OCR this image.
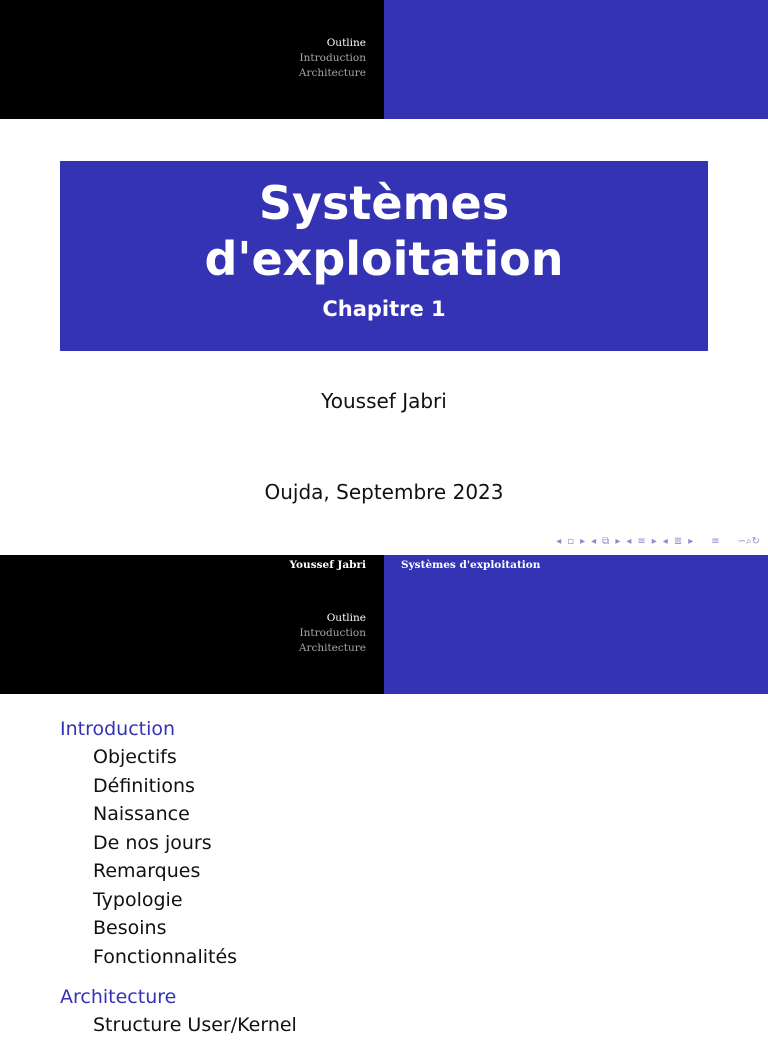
Outline
Introduction
Architecture
Systèmes
d'exploitation
Chapitre 1
Youssef Jabri
Oujda, Septembre 2023
◂ ▫ ▸ ◂ ⧉ ▸ ◂ ≡ ▸ ◂ ≣ ▸ ≡ ∽⌕↻
Youssef Jabri
Outline
Introduction
Architecture
Systèmes d'exploitation
Introduction
Objectifs
Définitions
Naissance
De nos jours
Remarques
Typologie
Besoins
Fonctionnalités
Architecture
Structure User/Kernel
